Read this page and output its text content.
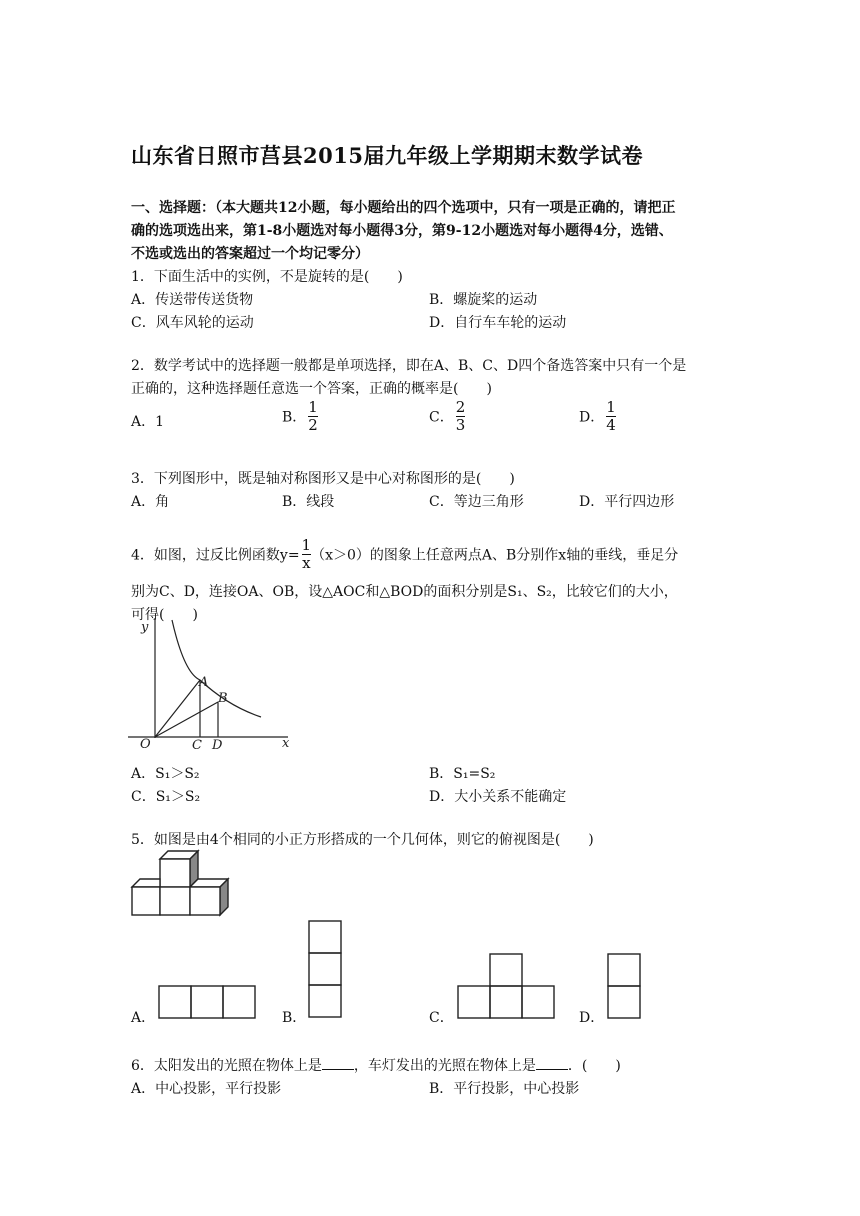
山东省日照市莒县2015届九年级上学期期末数学试卷
一、选择题：（本大题共12小题，每小题给出的四个选项中，只有一项是正确的，请把正
确的选项选出来，第1-8小题选对每小题得3分，第9-12小题选对每小题得4分，选错、
不选或选出的答案超过一个均记零分）
1．下面生活中的实例，不是旋转的是(　　)
A．传送带传送货物	B．螺旋桨的运动
C．风车风轮的运动	D．自行车车轮的运动
2．数学考试中的选择题一般都是单项选择，即在A、B、C、D四个备选答案中只有一个是
正确的，这种选择题任意选一个答案，正确的概率是(　　)
A．1	B． $\frac{1}{2}$	C． $\frac{2}{3}$	D． $\frac{1}{4}$
3．下列图形中，既是轴对称图形又是中心对称图形的是(　　)
A．角	B．线段	C．等边三角形	D．平行四边形
4．如图，过反比例函数$y= \frac{1}{x} (x>0)$的图象上任意两点A、B分别作x轴的垂线，垂足分
别为C、D，连接OA、OB，设△AOC和△BOD的面积分别是S₁、S₂，比较它们的大小，
可得(　　)
y
x
O
A
B
C D
A．S₁＞S₂	B．S₁=S₂
C．S₁＞S₂	D．大小关系不能确定
5．如图是由4个相同的小正方形搭成的一个几何体，则它的俯视图是(　　)
A．	B．	C．	D．
6．太阳发出的光照在物体上是 ，车灯发出的光照在物体上是 ．(　　)
A．中心投影，平行投影	B．平行投影，中心投影
